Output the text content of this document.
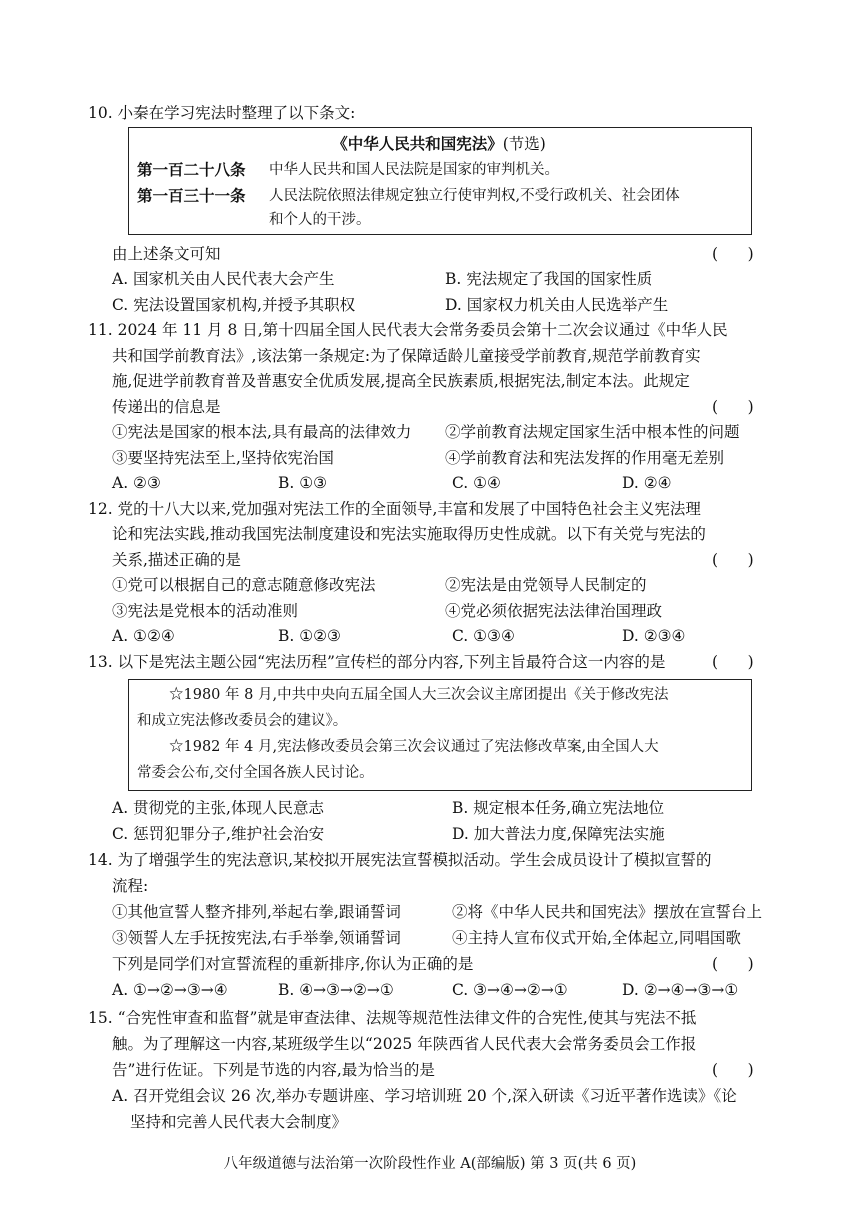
10. 小秦在学习宪法时整理了以下条文:
《中华人民共和国宪法》(节选)
第一百二十八条 中华人民共和国人民法院是国家的审判机关。
第一百三十一条 人民法院依照法律规定独立行使审判权,不受行政机关、社会团体
和个人的干涉。
由上述条文可知	(      )
A. 国家机关由人民代表大会产生	B. 宪法规定了我国的国家性质
C. 宪法设置国家机构,并授予其职权	D. 国家权力机关由人民选举产生
11. 2024 年 11 月 8 日,第十四届全国人民代表大会常务委员会第十二次会议通过《中华人民
共和国学前教育法》,该法第一条规定:为了保障适龄儿童接受学前教育,规范学前教育实
施,促进学前教育普及普惠安全优质发展,提高全民族素质,根据宪法,制定本法。此规定
传递出的信息是	(      )
①宪法是国家的根本法,具有最高的法律效力 ②学前教育法规定国家生活中根本性的问题
③要坚持宪法至上,坚持依宪治国	④学前教育法和宪法发挥的作用毫无差别
A. ②③	B. ①③	C. ①④	D. ②④
12. 党的十八大以来,党加强对宪法工作的全面领导,丰富和发展了中国特色社会主义宪法理
论和宪法实践,推动我国宪法制度建设和宪法实施取得历史性成就。以下有关党与宪法的
关系,描述正确的是	(      )
①党可以根据自己的意志随意修改宪法	②宪法是由党领导人民制定的
③宪法是党根本的活动准则	④党必须依据宪法法律治国理政
A. ①②④	B. ①②③	C. ①③④	D. ②③④
13. 以下是宪法主题公园“宪法历程”宣传栏的部分内容,下列主旨最符合这一内容的是	(      )
☆1980 年 8 月,中共中央向五届全国人大三次会议主席团提出《关于修改宪法
和成立宪法修改委员会的建议》。
☆1982 年 4 月,宪法修改委员会第三次会议通过了宪法修改草案,由全国人大
常委会公布,交付全国各族人民讨论。
A. 贯彻党的主张,体现人民意志	B. 规定根本任务,确立宪法地位
C. 惩罚犯罪分子,维护社会治安	D. 加大普法力度,保障宪法实施
14. 为了增强学生的宪法意识,某校拟开展宪法宣誓模拟活动。学生会成员设计了模拟宣誓的
流程:
①其他宣誓人整齐排列,举起右拳,跟诵誓词	②将《中华人民共和国宪法》摆放在宣誓台上
③领誓人左手抚按宪法,右手举拳,领诵誓词	④主持人宣布仪式开始,全体起立,同唱国歌
下列是同学们对宣誓流程的重新排序,你认为正确的是	(      )
A. ①→②→③→④	B. ④→③→②→①	C. ③→④→②→①	D. ②→④→③→①
15. “合宪性审查和监督”就是审查法律、法规等规范性法律文件的合宪性,使其与宪法不抵
触。为了理解这一内容,某班级学生以“2025 年陕西省人民代表大会常务委员会工作报
告”进行佐证。下列是节选的内容,最为恰当的是	(      )
A. 召开党组会议 26 次,举办专题讲座、学习培训班 20 个,深入研读《习近平著作选读》《论
坚持和完善人民代表大会制度》
八年级道德与法治第一次阶段性作业 A(部编版) 第 3 页(共 6 页)
